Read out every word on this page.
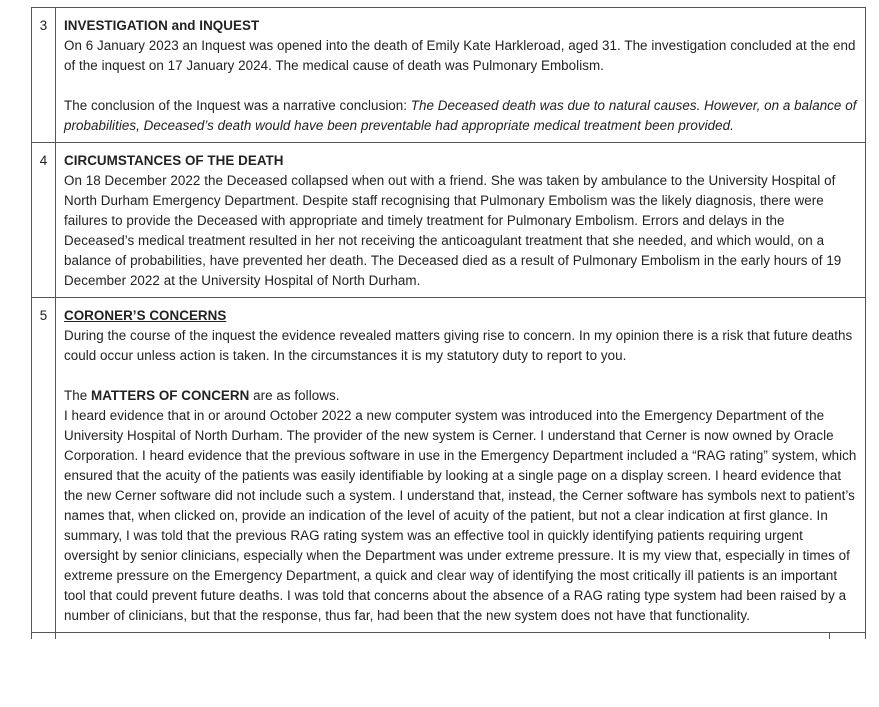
3	INVESTIGATION and INQUEST

On 6 January 2023 an Inquest was opened into the death of Emily Kate Harkleroad, aged 31. The investigation concluded at the end of the inquest on 17 January 2024. The medical cause of death was Pulmonary Embolism.

The conclusion of the Inquest was a narrative conclusion: The Deceased death was due to natural causes. However, on a balance of probabilities, Deceased’s death would have been preventable had appropriate medical treatment been provided.

4	CIRCUMSTANCES OF THE DEATH

On 18 December 2022 the Deceased collapsed when out with a friend. She was taken by ambulance to the University Hospital of North Durham Emergency Department. Despite staff recognising that Pulmonary Embolism was the likely diagnosis, there were failures to provide the Deceased with appropriate and timely treatment for Pulmonary Embolism. Errors and delays in the Deceased’s medical treatment resulted in her not receiving the anticoagulant treatment that she needed, and which would, on a balance of probabilities, have prevented her death. The Deceased died as a result of Pulmonary Embolism in the early hours of 19 December 2022 at the University Hospital of North Durham.

5	CORONER’S CONCERNS

During the course of the inquest the evidence revealed matters giving rise to concern. In my opinion there is a risk that future deaths could occur unless action is taken. In the circumstances it is my statutory duty to report to you.

The MATTERS OF CONCERN are as follows.

I heard evidence that in or around October 2022 a new computer system was introduced into the Emergency Department of the University Hospital of North Durham. The provider of the new system is Cerner. I understand that Cerner is now owned by Oracle Corporation. I heard evidence that the previous software in use in the Emergency Department included a “RAG rating” system, which ensured that the acuity of the patients was easily identifiable by looking at a single page on a display screen. I heard evidence that the new Cerner software did not include such a system. I understand that, instead, the Cerner software has symbols next to patient’s names that, when clicked on, provide an indication of the level of acuity of the patient, but not a clear indication at first glance. In summary, I was told that the previous RAG rating system was an effective tool in quickly identifying patients requiring urgent oversight by senior clinicians, especially when the Department was under extreme pressure. It is my view that, especially in times of extreme pressure on the Emergency Department, a quick and clear way of identifying the most critically ill patients is an important tool that could prevent future deaths. I was told that concerns about the absence of a RAG rating type system had been raised by a number of clinicians, but that the response, thus far, had been that the new system does not have that functionality.
